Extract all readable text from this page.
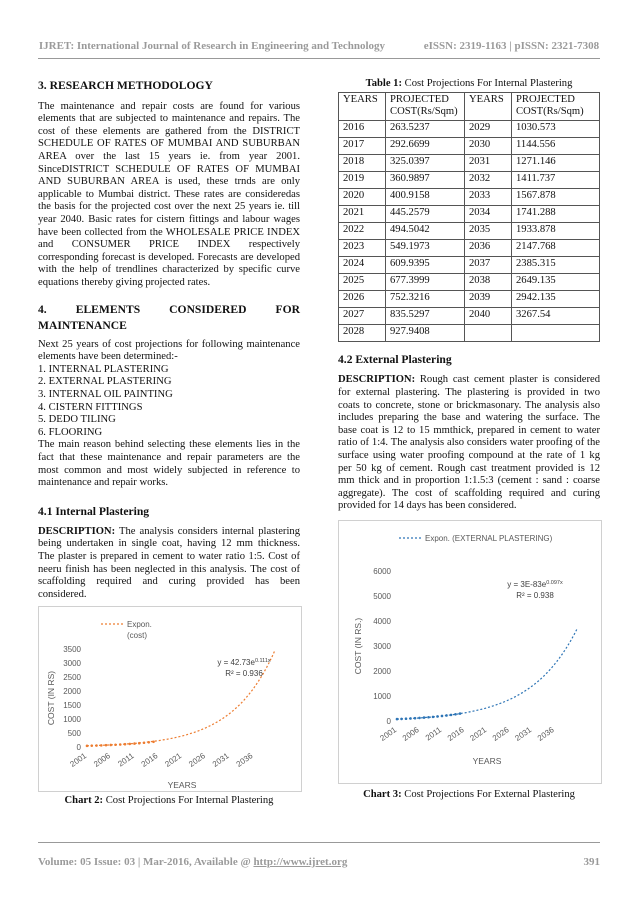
IJRET: International Journal of Research in Engineering and Technology	eISSN: 2319-1163 | pISSN: 2321-7308
3. RESEARCH METHODOLOGY

The maintenance and repair costs are found for various elements that are subjected to maintenance and repairs. The cost of these elements are gathered from the DISTRICT SCHEDULE OF RATES OF MUMBAI AND SUBURBAN AREA over the last 15 years ie. from year 2001. SinceDISTRICT SCHEDULE OF RATES OF MUMBAI AND SUBURBAN AREA is used, these trnds are only applicable to Mumbai district. These rates are consideredas the basis for the projected cost over the next 25 years ie. till year 2040. Basic rates for cistern fittings and labour wages have been collected from the WHOLESALE PRICE INDEX and CONSUMER PRICE INDEX respectively corresponding forecast is developed. Forecasts are developed with the help of trendlines characterized by specific curve equations thereby giving projected rates.

4.	ELEMENTS	CONSIDERED	FOR
MAINTENANCE

Next 25 years of cost projections for following maintenance elements have been determined:-

1. INTERNAL PLASTERING
2. EXTERNAL PLASTERING
3. INTERNAL OIL PAINTING
4. CISTERN FITTINGS
5. DEDO TILING
6. FLOORING

The main reason behind selecting these elements lies in the fact that these maintenance and repair parameters are the most common and most widely subjected in reference to maintenance and repair works.

4.1 Internal Plastering

DESCRIPTION: The analysis considers internal plastering being undertaken in single coat, having 12 mm thickness. The plaster is prepared in cement to water ratio 1:5. Cost of neeru finish has been neglected in this analysis. The cost of scaffolding required and curing provided has been considered.

0
500
1000
1500
2000
2500
3000
3500
2001 2006 2011 2016 2021 2026 2031 2036
YEARS
COST (IN RS)
Expon.
(cost)
$y = 42.73e^{0.111x}$
R² = 0.936
Chart 2: Cost Projections For Internal Plastering
Table 1: Cost Projections For Internal Plastering
YEARS	PROJECTED COST(Rs/Sqm)	YEARS	PROJECTED COST(Rs/Sqm)
2016	263.5237	2029	1030.573
2017	292.6699	2030	1144.556
2018	325.0397	2031	1271.146
2019	360.9897	2032	1411.737
2020	400.9158	2033	1567.878
2021	445.2579	2034	1741.288
2022	494.5042	2035	1933.878
2023	549.1973	2036	2147.768
2024	609.9395	2037	2385.315
2025	677.3999	2038	2649.135
2026	752.3216	2039	2942.135
2027	835.5297	2040	3267.54
2028	927.9408		
4.2 External Plastering

DESCRIPTION: Rough cast cement plaster is considered for external plastering. The plastering is provided in two coats to concrete, stone or brickmasonary. The analysis also includes preparing the base and watering the surface. The base coat is 12 to 15 mmthick, prepared in cement to water ratio of 1:4. The analysis also considers water proofing of the surface using water proofing compound at the rate of 1 kg per 50 kg of cement. Rough cast treatment provided is 12 mm thick and in proportion 1:1.5:3 (cement : sand : coarse aggregate). The cost of scaffolding required and curing provided for 14 days has been considered.

0
1000
2000
3000
4000
5000
6000
2001 2006 2011 2016 2021 2026 2031 2036
YEARS
COST (IN RS.)
Expon. (EXTERNAL PLASTERING)
$y = 3E-83e^{0.097x}$
R² = 0.938
Chart 3: Cost Projections For External Plastering
Volume: 05 Issue: 03 | Mar-2016, Available @ http://www.ijret.org	391
